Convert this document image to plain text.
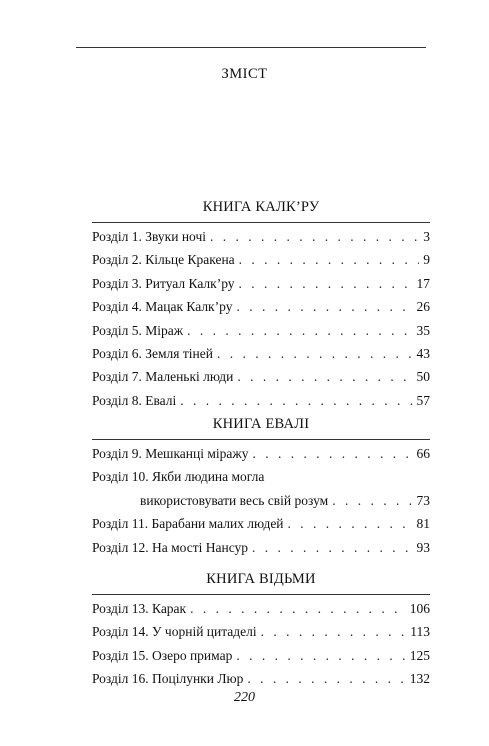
ЗМІСТ
КНИГА КАЛК’РУ
Розділ 1. Звуки ночі . . .	3
Розділ 2. Кільце Кракена . . .	9
Розділ 3. Ритуал Калк’ру . . .	17
Розділ 4. Мацак Калк’ру . . .	26
Розділ 5. Міраж . . .	35
Розділ 6. Земля тіней . . .	43
Розділ 7. Маленькі люди . . .	50
Розділ 8. Евалі . . .	57
КНИГА ЕВАЛІ
Розділ 9. Мешканці міражу . . .	66
Розділ 10. Якби людина могла
використовувати весь свій розум . . .	73
Розділ 11. Барабани малих людей . . .	81
Розділ 12. На мості Нансур . . .	93
КНИГА ВІДЬМИ
Розділ 13. Карак . . .	106
Розділ 14. У чорній цитаделі . . .	113
Розділ 15. Озеро примар . . .	125
Розділ 16. Поцілунки Люр . . .	132
220
